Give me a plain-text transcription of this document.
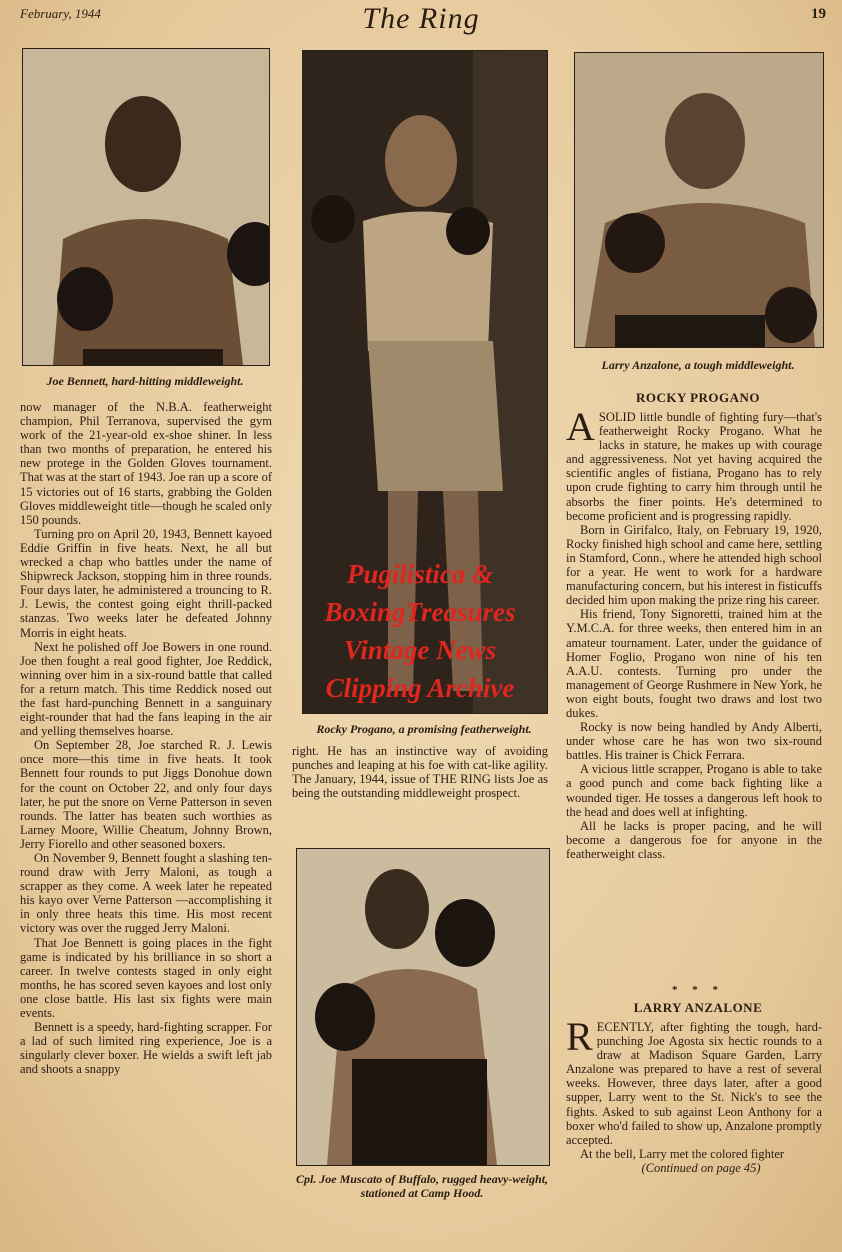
February, 1944	The Ring	19
Joe Bennett, hard-hitting middleweight.
Rocky Progano, a promising featherweight.
Larry Anzalone, a tough middleweight.
Cpl. Joe Muscato of Buffalo, rugged heavy-weight, stationed at Camp Hood.

now manager of the N.B.A. featherweight champion, Phil Terranova, supervised the gym work of the 21-year-old ex-shoe shiner. In less than two months of preparation, he entered his new protege in the Golden Gloves tournament. That was at the start of 1943. Joe ran up a score of 15 victories out of 16 starts, grabbing the Golden Gloves middleweight title—though he scaled only 150 pounds.

Turning pro on April 20, 1943, Bennett kayoed Eddie Griffin in five heats. Next, he all but wrecked a chap who battles under the name of Shipwreck Jackson, stopping him in three rounds. Four days later, he administered a trouncing to R. J. Lewis, the contest going eight thrill-packed stanzas. Two weeks later he defeated Johnny Morris in eight heats.

Next he polished off Joe Bowers in one round. Joe then fought a real good fighter, Joe Reddick, winning over him in a six-round battle that called for a return match. This time Reddick nosed out the fast hard-punching Bennett in a sanguinary eight-rounder that had the fans leaping in the air and yelling themselves hoarse.

On September 28, Joe starched R. J. Lewis once more—this time in five heats. It took Bennett four rounds to put Jiggs Donohue down for the count on October 22, and only four days later, he put the snore on Verne Patterson in seven rounds. The latter has beaten such worthies as Larney Moore, Willie Cheatum, Johnny Brown, Jerry Fiorello and other seasoned boxers.

On November 9, Bennett fought a slashing ten-round draw with Jerry Maloni, as tough a scrapper as they come. A week later he repeated his kayo over Verne Patterson —accomplishing it in only three heats this time. His most recent victory was over the rugged Jerry Maloni.

That Joe Bennett is going places in the fight game is indicated by his brilliance in so short a career. In twelve contests staged in only eight months, he has scored seven kayoes and lost only one close battle. His last six fights were main events.

Bennett is a speedy, hard-fighting scrapper. For a lad of such limited ring experience, Joe is a singularly clever boxer. He wields a swift left jab and shoots a snappy

right. He has an instinctive way of avoiding punches and leaping at his foe with cat-like agility. The January, 1944, issue of THE RING lists Joe as being the outstanding middleweight prospect.

ROCKY PROGANO

ASOLID little bundle of fighting fury—that's featherweight Rocky Progano. What he lacks in stature, he makes up with courage and aggressiveness. Not yet having acquired the scientific angles of fistiana, Progano has to rely upon crude fighting to carry him through until he absorbs the finer points. He's determined to become proficient and is progressing rapidly.

Born in Girifalco, Italy, on February 19, 1920, Rocky finished high school and came here, settling in Stamford, Conn., where he attended high school for a year. He went to work for a hardware manufacturing concern, but his interest in fisticuffs decided him upon making the prize ring his career.

His friend, Tony Signoretti, trained him at the Y.M.C.A. for three weeks, then entered him in an amateur tournament. Later, under the guidance of Homer Foglio, Progano won nine of his ten A.A.U. contests. Turning pro under the management of George Rushmere in New York, he won eight bouts, fought two draws and lost two dukes.

Rocky is now being handled by Andy Alberti, under whose care he has won two six-round battles. His trainer is Chick Ferrara.

A vicious little scrapper, Progano is able to take a good punch and come back fighting like a wounded tiger. He tosses a dangerous left hook to the head and does well at infighting.

All he lacks is proper pacing, and he will become a dangerous foe for anyone in the featherweight class.

* * *
LARRY ANZALONE

RECENTLY, after fighting the tough, hard-punching Joe Agosta six hectic rounds to a draw at Madison Square Garden, Larry Anzalone was prepared to have a rest of several weeks. However, three days later, after a good supper, Larry went to the St. Nick's to see the fights. Asked to sub against Leon Anthony for a boxer who'd failed to show up, Anzalone promptly accepted.

At the bell, Larry met the colored fighter

(Continued on page 45)

Pugilistica &
BoxingTreasures
Vintage News
Clipping Archive
